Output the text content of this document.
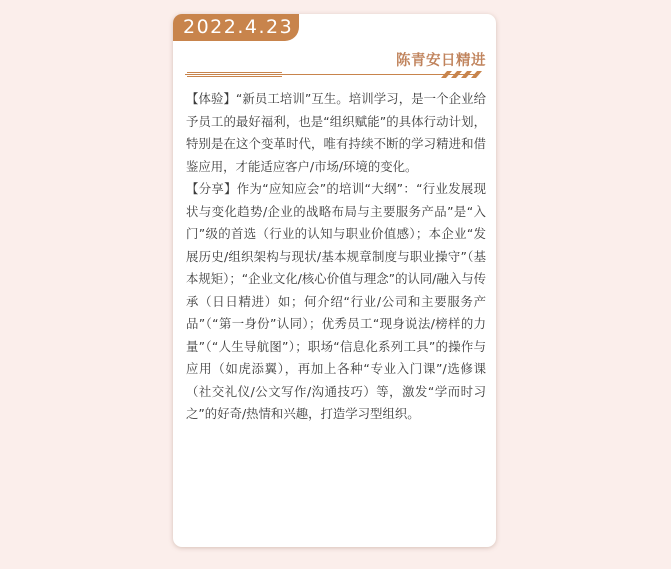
2022.4.23
陈青安日精进

【体验】“新员工培训”互生。培训学习，是一个企业给予员工的最好福利，也是“组织赋能”的具体行动计划，特别是在这个变革时代，唯有持续不断的学习精进和借鉴应用，才能适应客户/市场/环境的变化。

【分享】作为“应知应会”的培训“大纲”：“行业发展现状与变化趋势/企业的战略布局与主要服务产品”是“入门”级的首选（行业的认知与职业价值感）；本企业“发展历史/组织架构与现状/基本规章制度与职业操守”（基本规矩）；“企业文化/核心价值与理念”的认同/融入与传承（日日精进）如；何介绍“行业/公司和主要服务产品”（“第一身份”认同）；优秀员工“现身说法/榜样的力量”（“人生导航图”）；职场“信息化系列工具”的操作与应用（如虎添翼），再加上各种“专业入门课”/选修课（社交礼仪/公文写作/沟通技巧）等，激发“学而时习之”的好奇/热情和兴趣，打造学习型组织。
